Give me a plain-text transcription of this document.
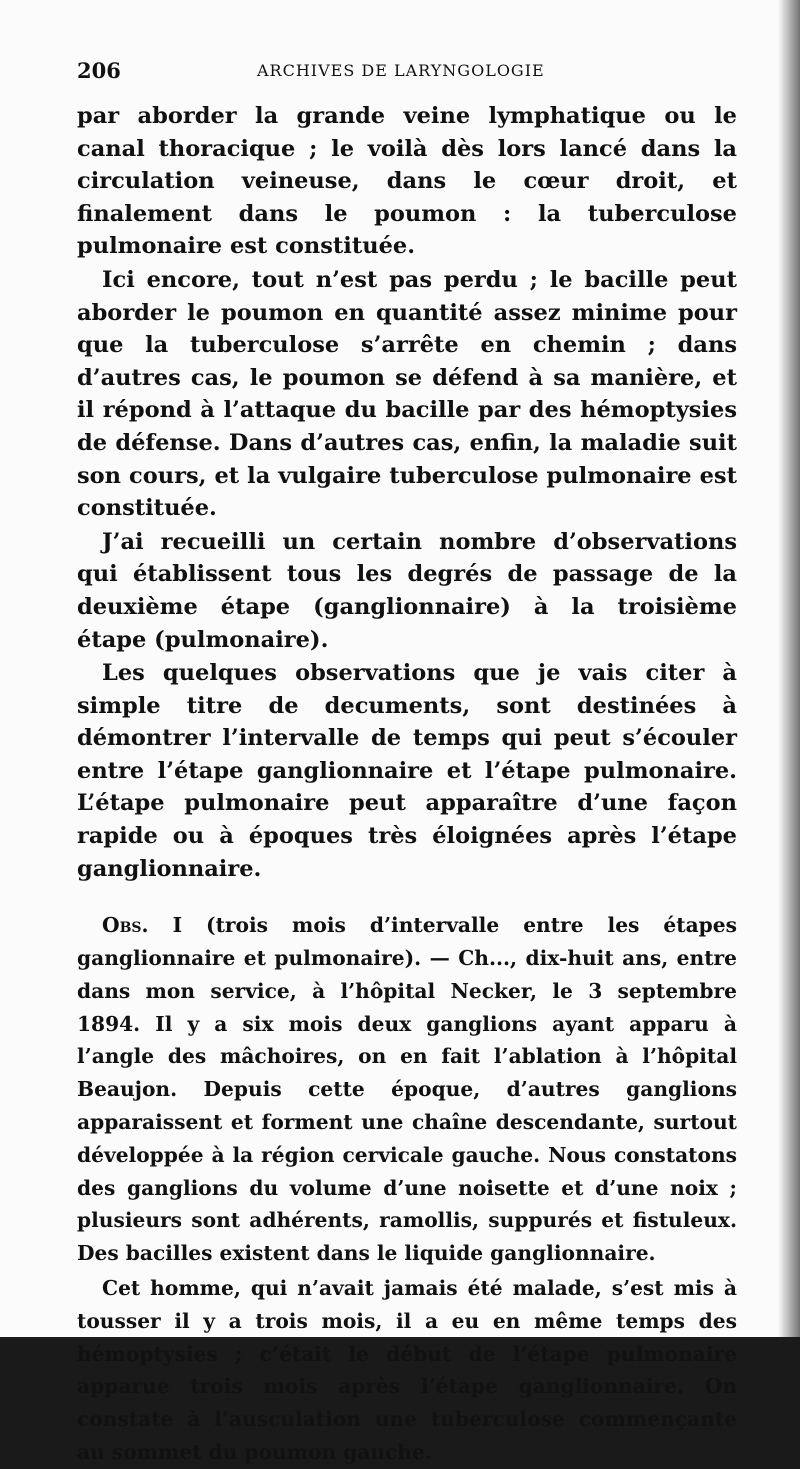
206	ARCHIVES DE LARYNGOLOGIE

par aborder la grande veine lymphatique ou le canal thoracique ; le voilà dès lors lancé dans la circulation veineuse, dans le cœur droit, et finalement dans le poumon : la tuberculose pulmonaire est constituée.

Ici encore, tout n’est pas perdu ; le bacille peut aborder le poumon en quantité assez minime pour que la tuberculose s’arrête en chemin ; dans d’autres cas, le poumon se défend à sa manière, et il répond à l’attaque du bacille par des hémoptysies de défense. Dans d’autres cas, enfin, la maladie suit son cours, et la vulgaire tuberculose pulmonaire est constituée.

J’ai recueilli un certain nombre d’observations qui établissent tous les degrés de passage de la deuxième étape (ganglionnaire) à la troisième étape (pulmonaire).

Les quelques observations que je vais citer à simple titre de decuments, sont destinées à démontrer l’intervalle de temps qui peut s’écouler entre l’étape ganglionnaire et l’étape pulmonaire. L’étape pulmonaire peut apparaître d’une façon rapide ou à époques très éloignées après l’étape ganglionnaire.

Obs. I (trois mois d’intervalle entre les étapes ganglionnaire et pulmonaire). — Ch..., dix-huit ans, entre dans mon service, à l’hôpital Necker, le 3 septembre 1894. Il y a six mois deux ganglions ayant apparu à l’angle des mâchoires, on en fait l’ablation à l’hôpital Beaujon. Depuis cette époque, d’autres ganglions apparaissent et forment une chaîne descendante, surtout développée à la région cervicale gauche. Nous constatons des ganglions du volume d’une noisette et d’une noix ; plusieurs sont adhérents, ramollis, suppurés et fistuleux. Des bacilles existent dans le liquide ganglionnaire.

Cet homme, qui n’avait jamais été malade, s’est mis à tousser il y a trois mois, il a eu en même temps des hémoptysies ; c’était le début de l’étape pulmonaire apparue trois mois après l’étape ganglionnaire. On constate à l’ausculation une tuberculose commençante au sommet du poumon gauche.
